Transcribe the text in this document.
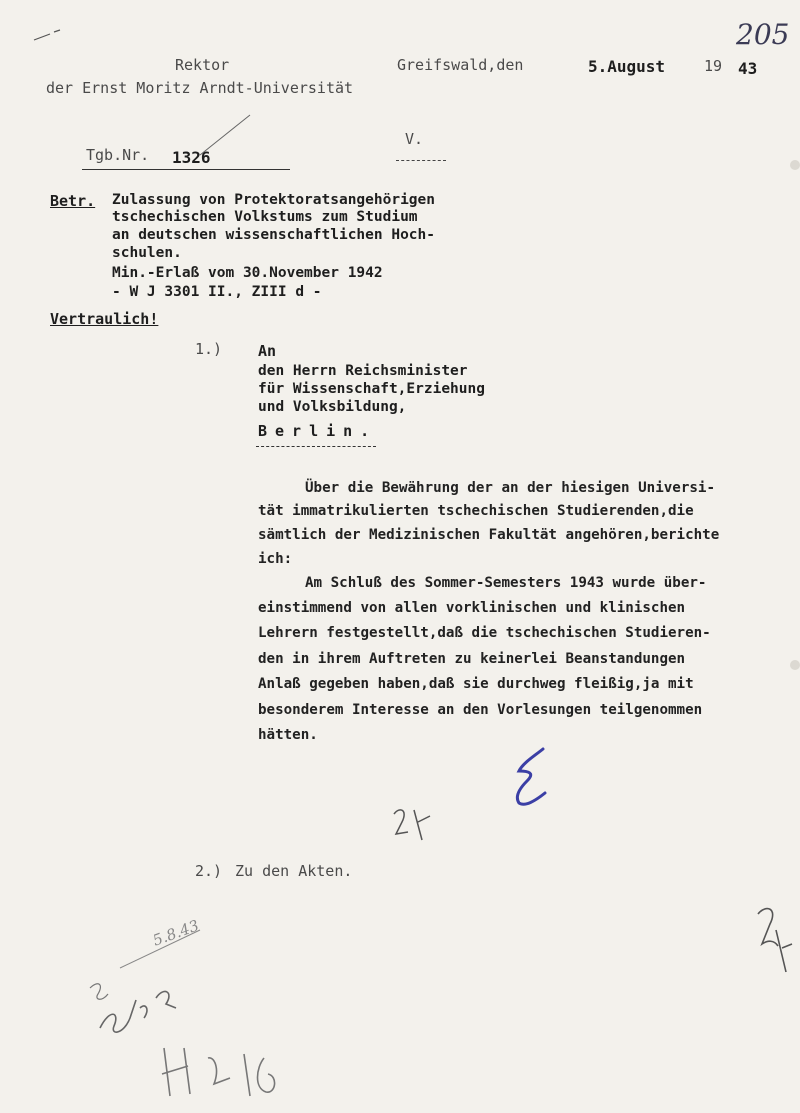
Rektor
der Ernst Moritz Arndt-Universität
Greifswald,den	5.August	19 43
205
Tgb.Nr. 1326
V.
Betr. Zulassung von Protektoratsangehörigen
tschechischen Volkstums zum Studium
an deutschen wissenschaftlichen Hoch-
schulen.
Min.-Erlaß vom 30.November 1942
- W J 3301 II., ZIII d -
Vertraulich!
1.) An
den Herrn Reichsminister
für Wissenschaft,Erziehung
und Volksbildung,
Berlin.
Über die Bewährung der an der hiesigen Universi-
tät immatrikulierten tschechischen Studierenden,die
sämtlich der Medizinischen Fakultät angehören,berichte
ich:
Am Schluß des Sommer-Semesters 1943 wurde über-
einstimmend von allen vorklinischen und klinischen
Lehrern festgestellt,daß die tschechischen Studieren-
den in ihrem Auftreten zu keinerlei Beanstandungen
Anlaß gegeben haben,daß sie durchweg fleißig,ja mit
besonderem Interesse an den Vorlesungen teilgenommen
hätten.
2.) Zu den Akten.
5.8.43
